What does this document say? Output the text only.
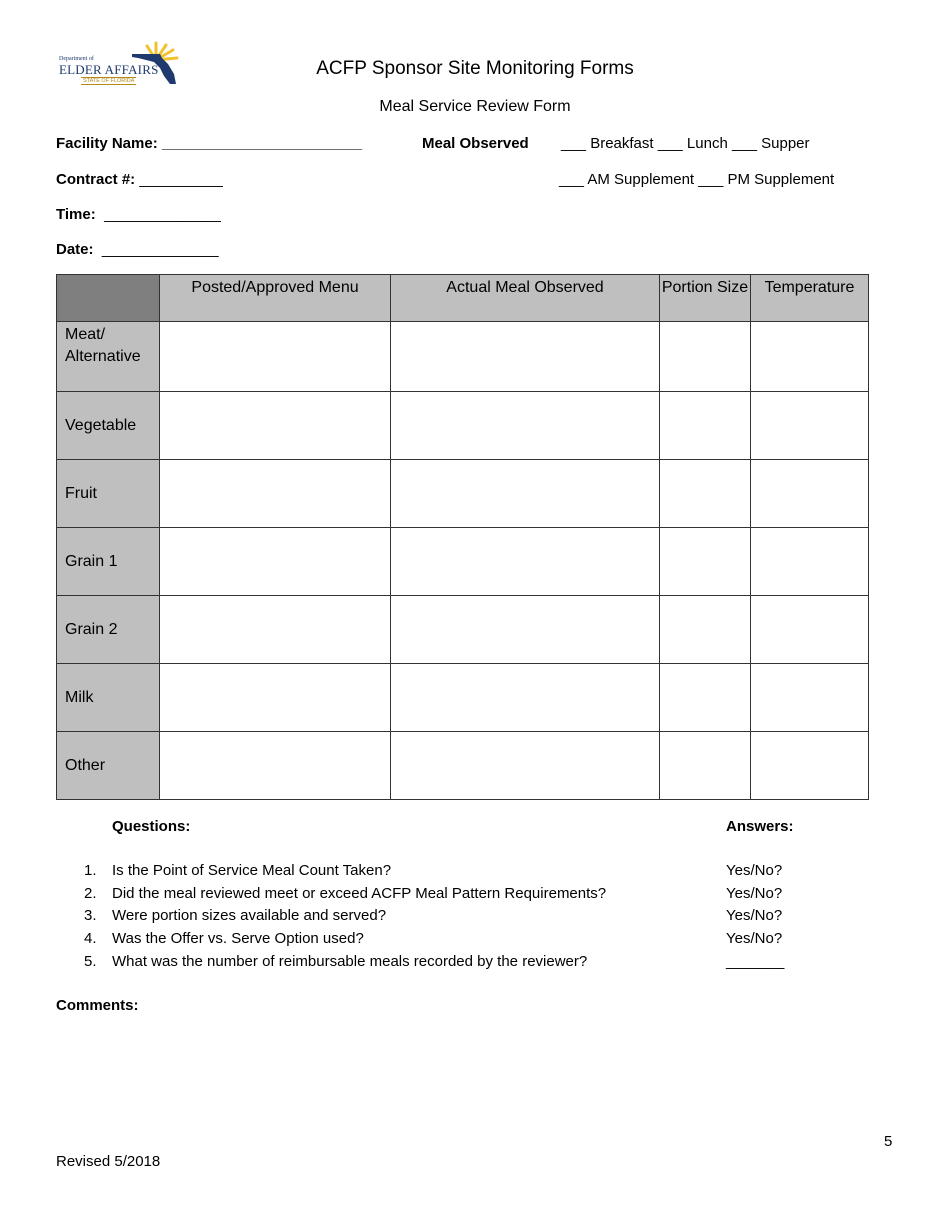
Department of
ELDER AFFAIRS
STATE OF FLORIDA
ACFP Sponsor Site Monitoring Forms
Meal Service Review Form
Facility Name: ________________________
Contract #: __________
Time: ______________
Date: ______________
Meal Observed ___ Breakfast ___ Lunch ___ Supper
___ AM Supplement ___ PM Supplement
	Posted/Approved Menu	Actual Meal Observed	Portion Size	Temperature
Meat/ Alternative				
Vegetable				
Fruit				
Grain 1				
Grain 2				
Milk				
Other				
Questions:	Answers:
1. Is the Point of Service Meal Count Taken?	Yes/No?
2. Did the meal reviewed meet or exceed ACFP Meal Pattern Requirements?	Yes/No?
3. Were portion sizes available and served?	Yes/No?
4. Was the Offer vs. Serve Option used?	Yes/No?
5. What was the number of reimbursable meals recorded by the reviewer?	_______
Comments:
5
Revised 5/2018
